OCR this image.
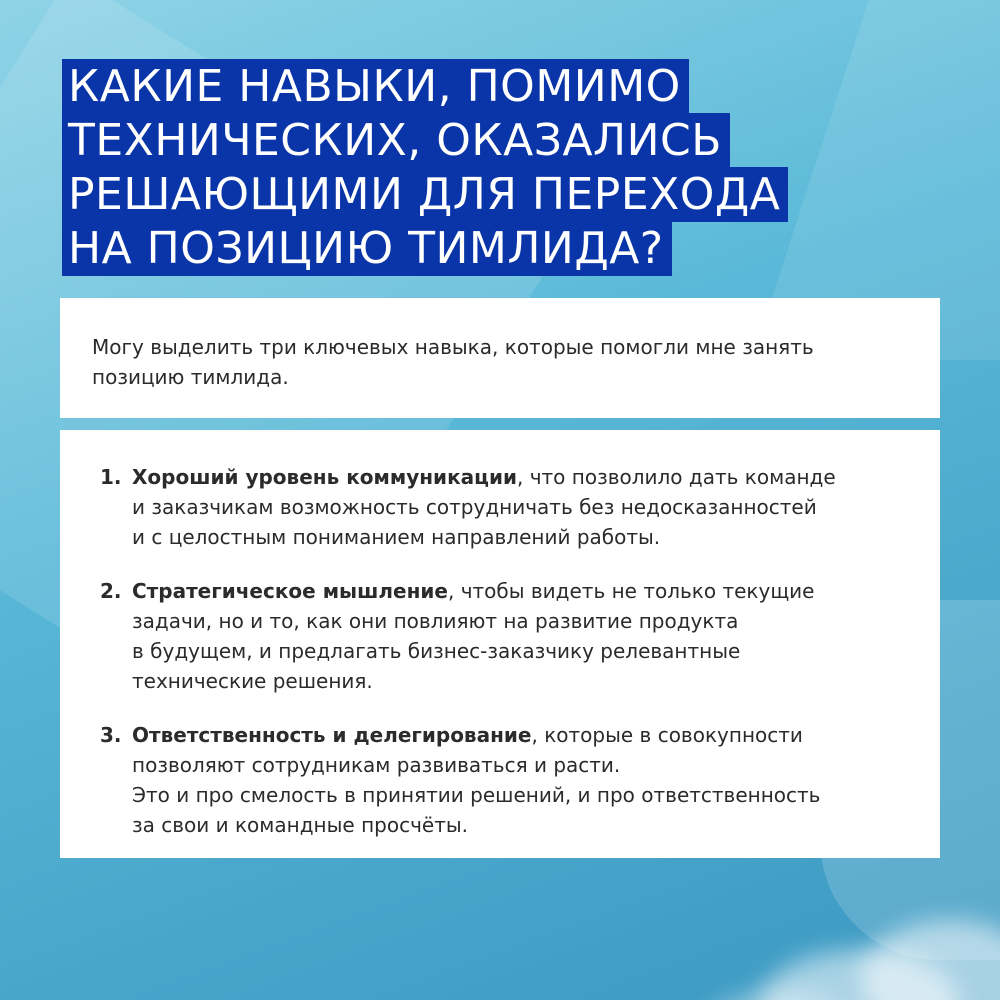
КАКИЕ НАВЫКИ, ПОМИМО
ТЕХНИЧЕСКИХ, ОКАЗАЛИСЬ
РЕШАЮЩИМИ ДЛЯ ПЕРЕХОДА
НА ПОЗИЦИЮ ТИМЛИДА?

Могу выделить три ключевых навыка, которые помогли мне занять
позицию тимлида.

1. Хороший уровень коммуникации, что позволило дать команде
и заказчикам возможность сотрудничать без недосказанностей
и с целостным пониманием направлений работы.
2. Стратегическое мышление, чтобы видеть не только текущие
задачи, но и то, как они повлияют на развитие продукта
в будущем, и предлагать бизнес-заказчику релевантные
технические решения.
3. Ответственность и делегирование, которые в совокупности
позволяют сотрудникам развиваться и расти.
Это и про смелость в принятии решений, и про ответственность
за свои и командные просчёты.
